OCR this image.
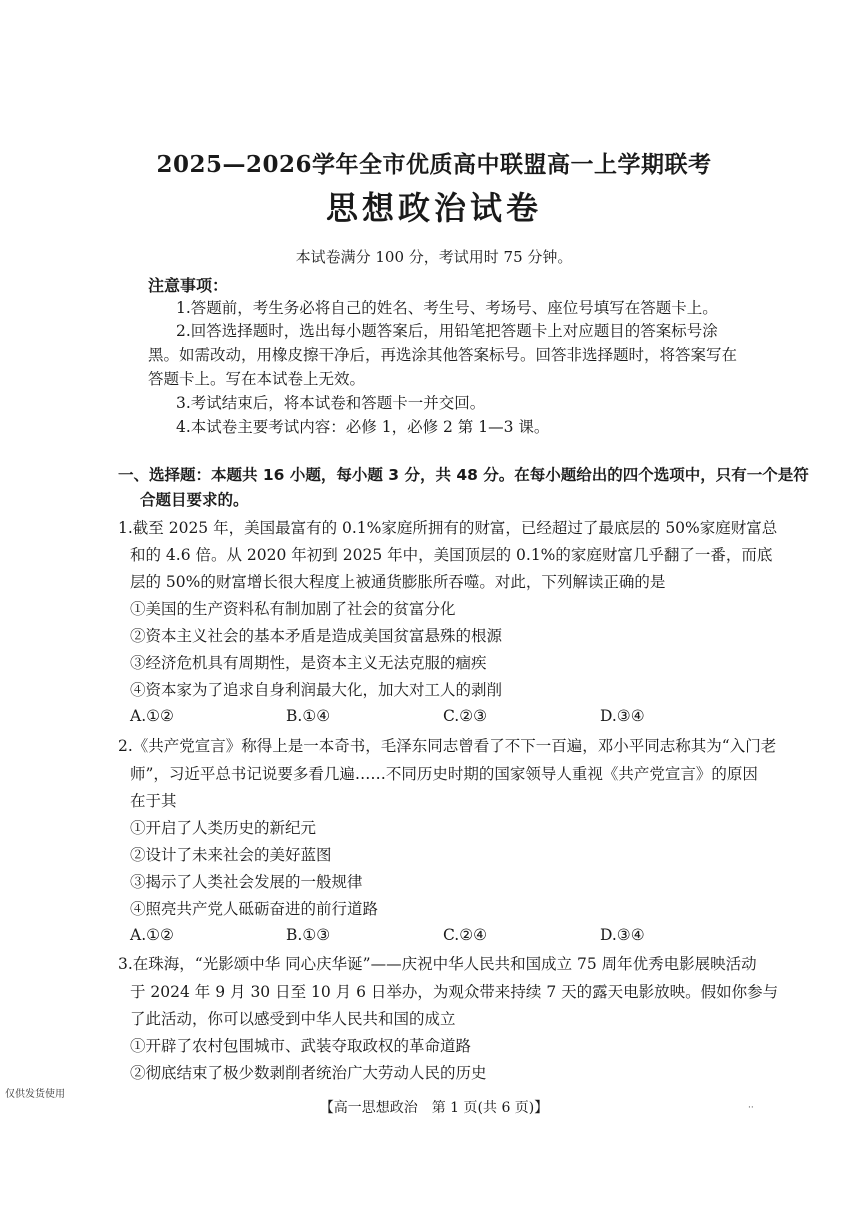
2025—2026学年全市优质高中联盟高一上学期联考
思想政治试卷
本试卷满分 100 分，考试用时 75 分钟。
注意事项：
1.答题前，考生务必将自己的姓名、考生号、考场号、座位号填写在答题卡上。
2.回答选择题时，选出每小题答案后，用铅笔把答题卡上对应题目的答案标号涂
黑。如需改动，用橡皮擦干净后，再选涂其他答案标号。回答非选择题时，将答案写在
答题卡上。写在本试卷上无效。
3.考试结束后，将本试卷和答题卡一并交回。
4.本试卷主要考试内容：必修 1，必修 2 第 1—3 课。
一、选择题：本题共 16 小题，每小题 3 分，共 48 分。在每小题给出的四个选项中，只有一个是符
合题目要求的。
1.截至 2025 年，美国最富有的 0.1%家庭所拥有的财富，已经超过了最底层的 50%家庭财富总
和的 4.6 倍。从 2020 年初到 2025 年中，美国顶层的 0.1%的家庭财富几乎翻了一番，而底
层的 50%的财富增长很大程度上被通货膨胀所吞噬。对此，下列解读正确的是
①美国的生产资料私有制加剧了社会的贫富分化
②资本主义社会的基本矛盾是造成美国贫富悬殊的根源
③经济危机具有周期性，是资本主义无法克服的痼疾
④资本家为了追求自身利润最大化，加大对工人的剥削
A.①②	B.①④	C.②③	D.③④
2.《共产党宣言》称得上是一本奇书，毛泽东同志曾看了不下一百遍，邓小平同志称其为“入门老
师”，习近平总书记说要多看几遍……不同历史时期的国家领导人重视《共产党宣言》的原因
在于其
①开启了人类历史的新纪元
②设计了未来社会的美好蓝图
③揭示了人类社会发展的一般规律
④照亮共产党人砥砺奋进的前行道路
A.①②	B.①③	C.②④	D.③④
3.在珠海，“光影颂中华 同心庆华诞”——庆祝中华人民共和国成立 75 周年优秀电影展映活动
于 2024 年 9 月 30 日至 10 月 6 日举办，为观众带来持续 7 天的露天电影放映。假如你参与
了此活动，你可以感受到中华人民共和国的成立
①开辟了农村包围城市、武装夺取政权的革命道路
②彻底结束了极少数剥削者统治广大劳动人民的历史
仅供发货使用
【高一思想政治　第 1 页(共 6 页)】	··
